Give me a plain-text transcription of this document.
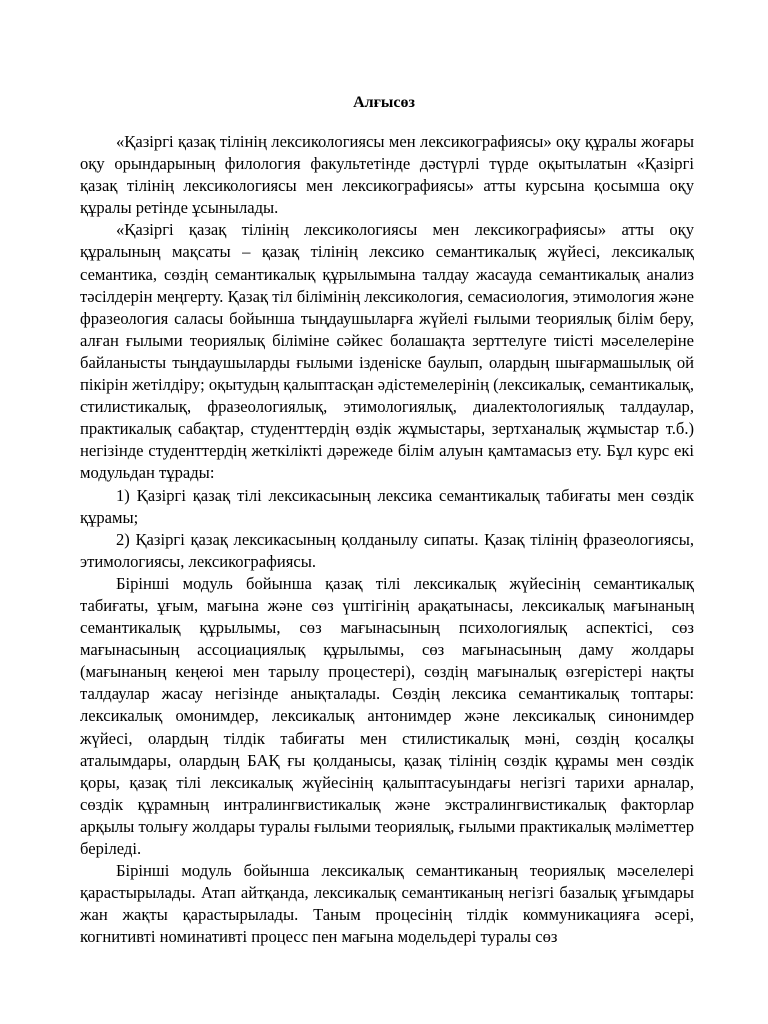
Алғысөз

«Қазіргі қазақ тілінің лексикологиясы мен лексикографиясы» оқу құралы жоғары оқу орындарының филология факультетінде дәстүрлі түрде оқытылатын «Қазіргі қазақ тілінің лексикологиясы мен лексикографиясы» атты курсына қосымша оқу құралы ретінде ұсынылады.

«Қазіргі қазақ тілінің лексикологиясы мен лексикографиясы» атты оқу құралының мақсаты – қазақ тілінің лексико семантикалық жүйесі, лексикалық семантика, сөздің семантикалық құрылымына талдау жасауда семантикалық анализ тәсілдерін меңгерту. Қазақ тіл білімінің лексикология, семасиология, этимология және фразеология саласы бойынша тыңдаушыларға жүйелі ғылыми теориялық білім беру, алған ғылыми теориялық біліміне сәйкес болашақта зерттелуге тиісті мәселелеріне байланысты тыңдаушыларды ғылыми ізденіске баулып, олардың шығармашылық ой пікірін жетілдіру; оқытудың қалыптасқан әдістемелерінің (лексикалық, семантикалық, стилистикалық, фразеологиялық, этимологиялық, диалектологиялық талдаулар, практикалық сабақтар, студенттердің өздік жұмыстары, зертханалық жұмыстар т.б.) негізінде студенттердің жеткілікті дәрежеде білім алуын қамтамасыз ету. Бұл курс екі модульдан тұрады:

1) Қазіргі қазақ тілі лексикасының лексика семантикалық табиғаты мен сөздік құрамы;

2) Қазіргі қазақ лексикасының қолданылу сипаты. Қазақ тілінің фразеологиясы, этимологиясы, лексикографиясы.

Бірінші модуль бойынша қазақ тілі лексикалық жүйесінің семантикалық табиғаты, ұғым, мағына және сөз үштігінің арақатынасы, лексикалық мағынаның семантикалық құрылымы, сөз мағынасының психологиялық аспектісі, сөз мағынасының ассоциациялық құрылымы, сөз мағынасының даму жолдары (мағынаның кеңеюі мен тарылу процестері), сөздің мағыналық өзгерістері нақты талдаулар жасау негізінде анықталады. Сөздің лексика семантикалық топтары: лексикалық омонимдер, лексикалық антонимдер және лексикалық синонимдер жүйесі, олардың тілдік табиғаты мен стилистикалық мәні, сөздің қосалқы аталымдары, олардың БАҚ ғы қолданысы, қазақ тілінің сөздік құрамы мен сөздік қоры, қазақ тілі лексикалық жүйесінің қалыптасуындағы негізгі тарихи арналар, сөздік құрамның интралингвистикалық және экстралингвистикалық факторлар арқылы толығу жолдары туралы ғылыми теориялық, ғылыми практикалық мәліметтер беріледі.

Бірінші модуль бойынша лексикалық семантиканың теориялық мәселелері қарастырылады. Атап айтқанда, лексикалық семантиканың негізгі базалық ұғымдары жан жақты қарастырылады. Таным процесінің тілдік коммуникацияға әсері, когнитивті номинативті процесс пен мағына модельдері туралы сөз
